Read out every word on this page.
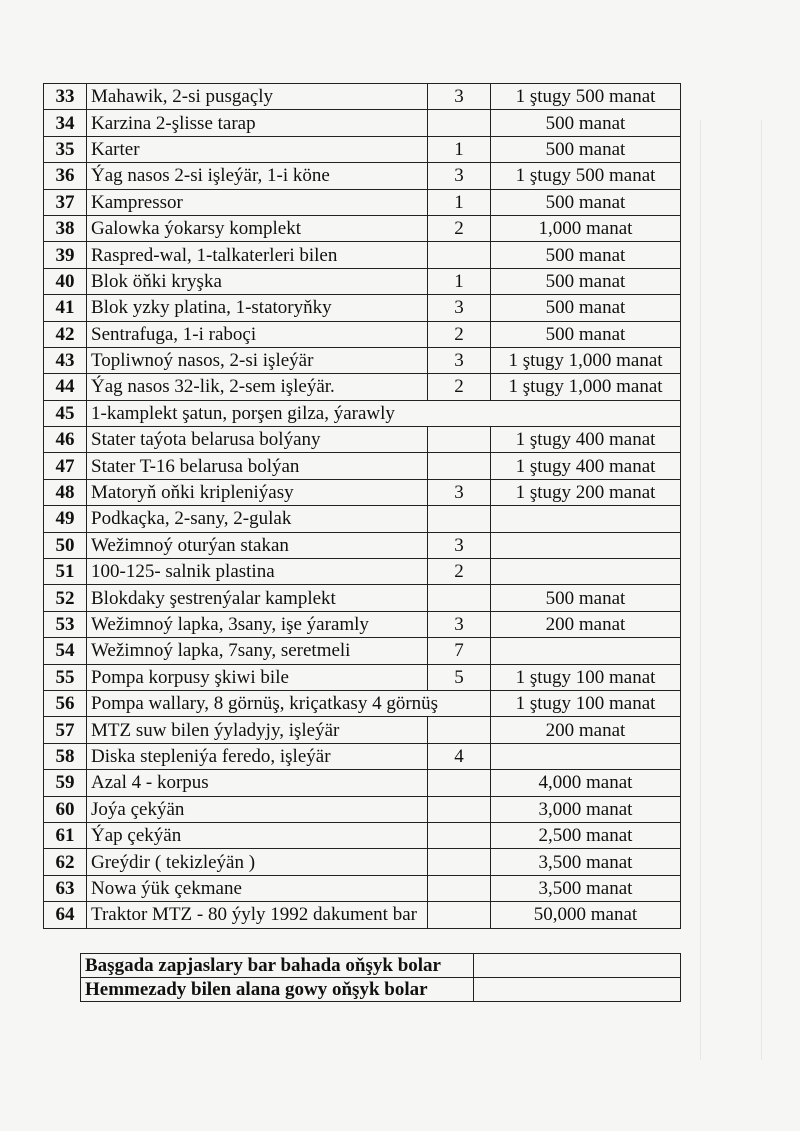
33	Mahawik, 2-si pusgaçly	3	1 ştugy 500 manat
34	Karzina 2-şlisse tarap		500 manat
35	Karter	1	500 manat
36	Ýag nasos 2-si işleýär, 1-i köne	3	1 ştugy 500 manat
37	Kampressor	1	500 manat
38	Galowka ýokarsy komplekt	2	1,000 manat
39	Raspred-wal, 1-talkaterleri bilen		500 manat
40	Blok öňki kryşka	1	500 manat
41	Blok yzky platina, 1-statoryňky	3	500 manat
42	Sentrafuga, 1-i raboçi	2	500 manat
43	Topliwnoý nasos, 2-si işleýär	3	1 ştugy 1,000 manat
44	Ýag nasos 32-lik, 2-sem işleýär.	2	1 ştugy 1,000 manat
45	1-kamplekt şatun, porşen gilza, ýarawly		
46	Stater taýota belarusa bolýany		1 ştugy 400 manat
47	Stater T-16 belarusa bolýan		1 ştugy 400 manat
48	Matoryň oňki kripleniýasy	3	1 ştugy 200 manat
49	Podkaçka, 2-sany, 2-gulak		
50	Wežimnoý oturýan stakan	3	
51	100-125- salnik plastina	2	
52	Blokdaky şestrenýalar kamplekt		500 manat
53	Wežimnoý lapka, 3sany, işe ýaramly	3	200 manat
54	Wežimnoý lapka, 7sany, seretmeli	7	
55	Pompa korpusy şkiwi bile	5	1 ştugy 100 manat
56	Pompa wallary, 8 görnüş, kriçatkasy 4 görnüş		1 ştugy 100 manat
57	MTZ suw bilen ýyladyjy, işleýär		200 manat
58	Diska stepleniýa feredo, işleýär	4	
59	Azal 4 - korpus		4,000 manat
60	Joýa çekýän		3,000 manat
61	Ýap çekýän		2,500 manat
62	Greýdir ( tekizleýän )		3,500 manat
63	Nowa ýük çekmane		3,500 manat
64	Traktor MTZ - 80 ýyly 1992 dakument bar		50,000 manat
Başgada zapjaslary bar bahada oňşyk bolar	
Hemmezady bilen alana gowy oňşyk bolar	
